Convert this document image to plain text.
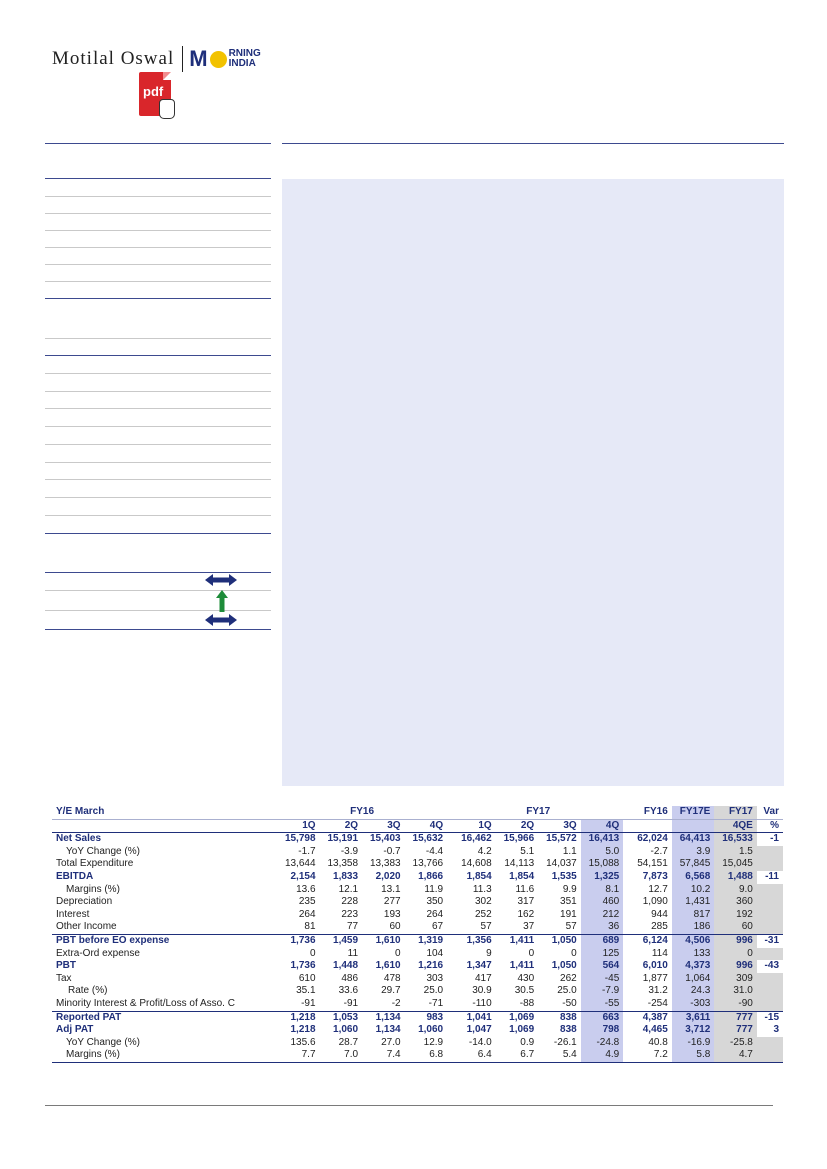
Motilal Oswal M RNING
INDIA
pdf
Y/E March	FY16					FY17					FY16	FY17E	FY17	Var
	1Q	2Q	3Q	4Q		1Q	2Q	3Q	4Q				4QE	%
Net Sales	15,798	15,191	15,403	15,632		16,462	15,966	15,572	16,413		62,024	64,413	16,533	-1
YoY Change (%)	-1.7	-3.9	-0.7	-4.4		4.2	5.1	1.1	5.0		-2.7	3.9	1.5	
Total Expenditure	13,644	13,358	13,383	13,766		14,608	14,113	14,037	15,088		54,151	57,845	15,045	
EBITDA	2,154	1,833	2,020	1,866		1,854	1,854	1,535	1,325		7,873	6,568	1,488	-11
Margins (%)	13.6	12.1	13.1	11.9		11.3	11.6	9.9	8.1		12.7	10.2	9.0	
Depreciation	235	228	277	350		302	317	351	460		1,090	1,431	360	
Interest	264	223	193	264		252	162	191	212		944	817	192	
Other Income	81	77	60	67		57	37	57	36		285	186	60	
PBT before EO expense	1,736	1,459	1,610	1,319		1,356	1,411	1,050	689		6,124	4,506	996	-31
Extra-Ord expense	0	11	0	104		9	0	0	125		114	133	0	
PBT	1,736	1,448	1,610	1,216		1,347	1,411	1,050	564		6,010	4,373	996	-43
Tax	610	486	478	303		417	430	262	-45		1,877	1,064	309	
Rate (%)	35.1	33.6	29.7	25.0		30.9	30.5	25.0	-7.9		31.2	24.3	31.0	
Minority Interest & Profit/Loss of Asso. C	-91	-91	-2	-71		-110	-88	-50	-55		-254	-303	-90	
Reported PAT	1,218	1,053	1,134	983		1,041	1,069	838	663		4,387	3,611	777	-15
Adj PAT	1,218	1,060	1,134	1,060		1,047	1,069	838	798		4,465	3,712	777	3
YoY Change (%)	135.6	28.7	27.0	12.9		-14.0	0.9	-26.1	-24.8		40.8	-16.9	-25.8	
Margins (%)	7.7	7.0	7.4	6.8		6.4	6.7	5.4	4.9		7.2	5.8	4.7	
